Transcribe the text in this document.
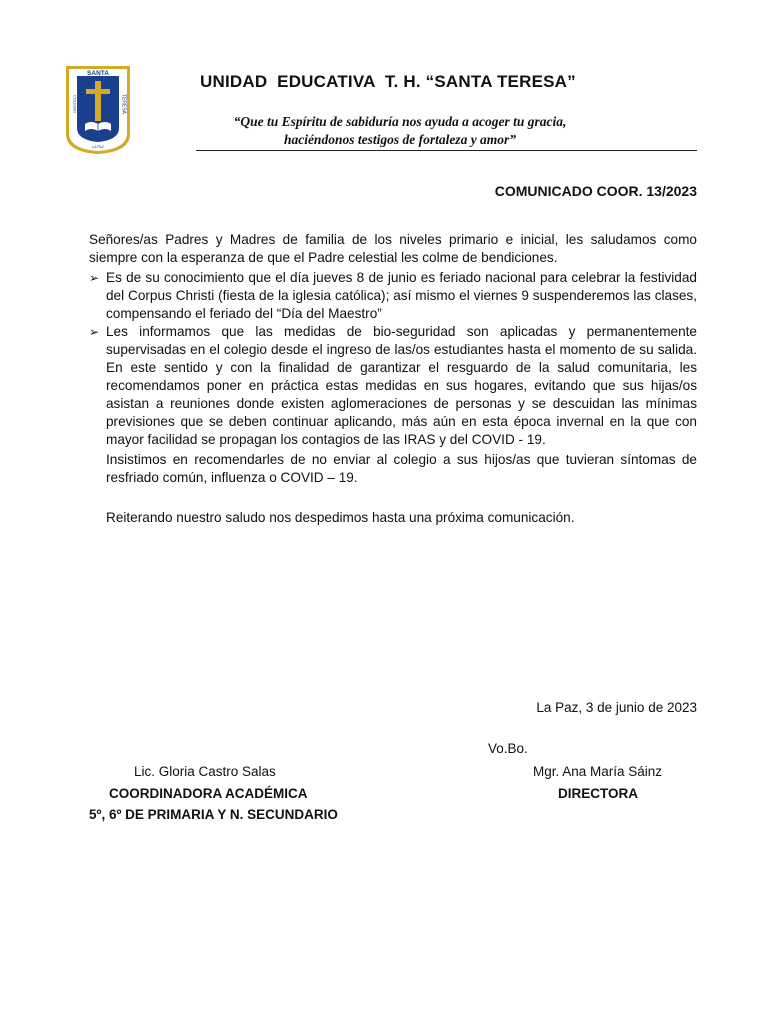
SANTA
COLEGIO	TERESA
LA PAZ
UNIDAD  EDUCATIVA  T. H. “SANTA TERESA”
“Que tu Espíritu de sabiduría nos ayuda a acoger tu gracia,
haciéndonos testigos de fortaleza y amor”
COMUNICADO COOR. 13/2023

Señores/as Padres y Madres de familia de los niveles primario e inicial, les saludamos como siempre con la esperanza de que el Padre celestial les colme de bendiciones.

➢ Es de su conocimiento que el día jueves 8 de junio es feriado nacional para celebrar la festividad del Corpus Christi (fiesta de la iglesia católica); así mismo el viernes 9 suspenderemos las clases, compensando el feriado del “Día del Maestro”
➢ Les informamos que las medidas de bio-seguridad son aplicadas y permanentemente supervisadas en el colegio desde el ingreso de las/os estudiantes hasta el momento de su salida. En este sentido y con la finalidad de garantizar el resguardo de la salud comunitaria, les recomendamos poner en práctica estas medidas en sus hogares, evitando que sus hijas/os asistan a reuniones donde existen aglomeraciones de personas y se descuidan las mínimas previsiones que se deben continuar aplicando, más aún en esta época invernal en la que con mayor facilidad se propagan los contagios de las IRAS y del COVID - 19.

Insistimos en recomendarles de no enviar al colegio a sus hijos/as que tuvieran síntomas de resfriado común, influenza o COVID – 19.

Reiterando nuestro saludo nos despedimos hasta una próxima comunicación.

La Paz, 3 de junio de 2023
Vo.Bo.
Lic. Gloria Castro Salas
COORDINADORA ACADÉMICA
5º, 6º DE PRIMARIA Y N. SECUNDARIO
Mgr. Ana María Sáinz
DIRECTORA
